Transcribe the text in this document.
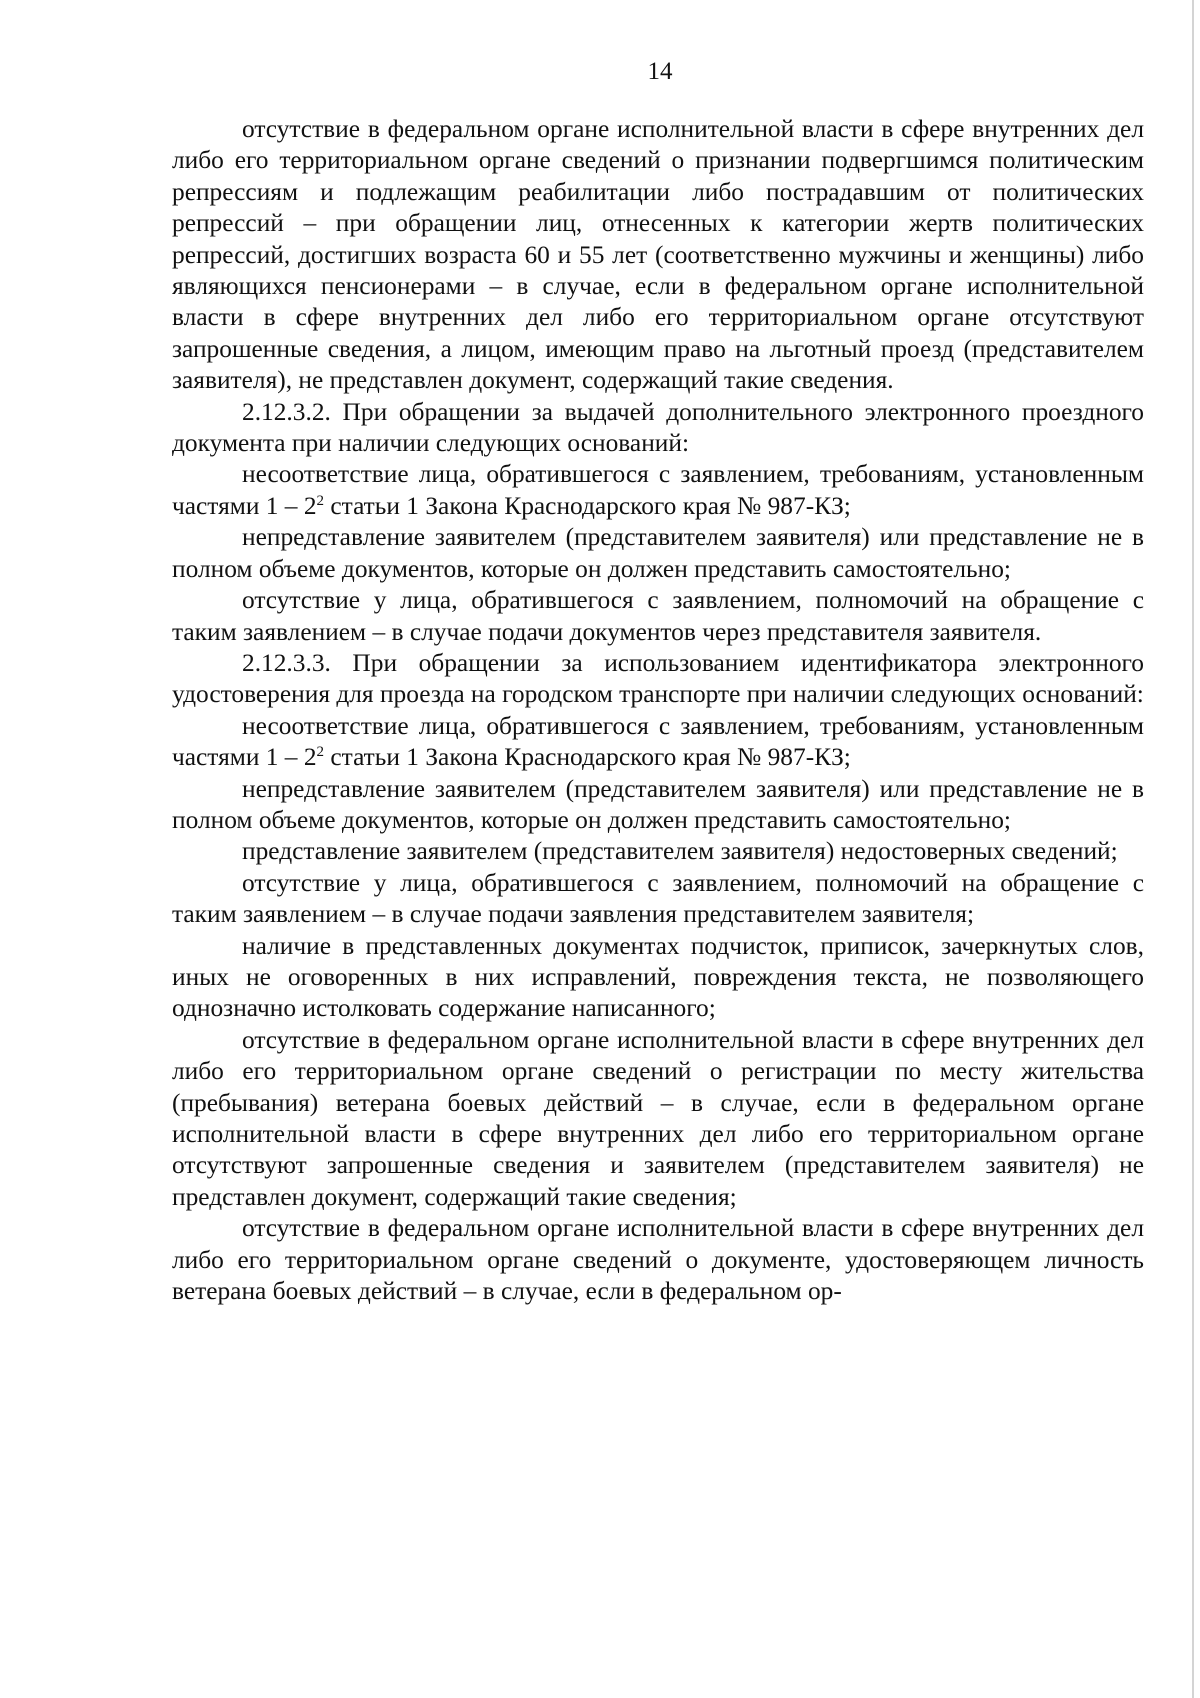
14

отсутствие в федеральном органе исполнительной власти в сфере внутренних дел либо его территориальном органе сведений о признании подвергшимся политическим репрессиям и подлежащим реабилитации либо пострадавшим от политических репрессий – при обращении лиц, отнесенных к категории жертв политических репрессий, достигших возраста 60 и 55 лет (соответственно мужчины и женщины) либо являющихся пенсионерами – в случае, если в федеральном органе исполнительной власти в сфере внутренних дел либо его территориальном органе отсутствуют запрошенные сведения, а лицом, имеющим право на льготный проезд (представителем заявителя), не представлен документ, содержащий такие сведения.

2.12.3.2. При обращении за выдачей дополнительного электронного проездного документа при наличии следующих оснований:

несоответствие лица, обратившегося с заявлением, требованиям, установленным частями $1 - 2^2$ статьи 1 Закона Краснодарского края № 987-КЗ;

непредставление заявителем (представителем заявителя) или представление не в полном объеме документов, которые он должен представить самостоятельно;

отсутствие у лица, обратившегося с заявлением, полномочий на обращение с таким заявлением – в случае подачи документов через представителя заявителя.

2.12.3.3. При обращении за использованием идентификатора электронного удостоверения для проезда на городском транспорте при наличии следующих оснований:

несоответствие лица, обратившегося с заявлением, требованиям, установленным частями $1 - 2^2$ статьи 1 Закона Краснодарского края № 987-КЗ;

непредставление заявителем (представителем заявителя) или представление не в полном объеме документов, которые он должен представить самостоятельно;

представление заявителем (представителем заявителя) недостоверных сведений;

отсутствие у лица, обратившегося с заявлением, полномочий на обращение с таким заявлением – в случае подачи заявления представителем заявителя;

наличие в представленных документах подчисток, приписок, зачеркнутых слов, иных не оговоренных в них исправлений, повреждения текста, не позволяющего однозначно истолковать содержание написанного;

отсутствие в федеральном органе исполнительной власти в сфере внутренних дел либо его территориальном органе сведений о регистрации по месту жительства (пребывания) ветерана боевых действий – в случае, если в федеральном органе исполнительной власти в сфере внутренних дел либо его территориальном органе отсутствуют запрошенные сведения и заявителем (представителем заявителя) не представлен документ, содержащий такие сведения;

отсутствие в федеральном органе исполнительной власти в сфере внутренних дел либо его территориальном органе сведений о документе, удостоверяющем личность ветерана боевых действий – в случае, если в федеральном ор-
